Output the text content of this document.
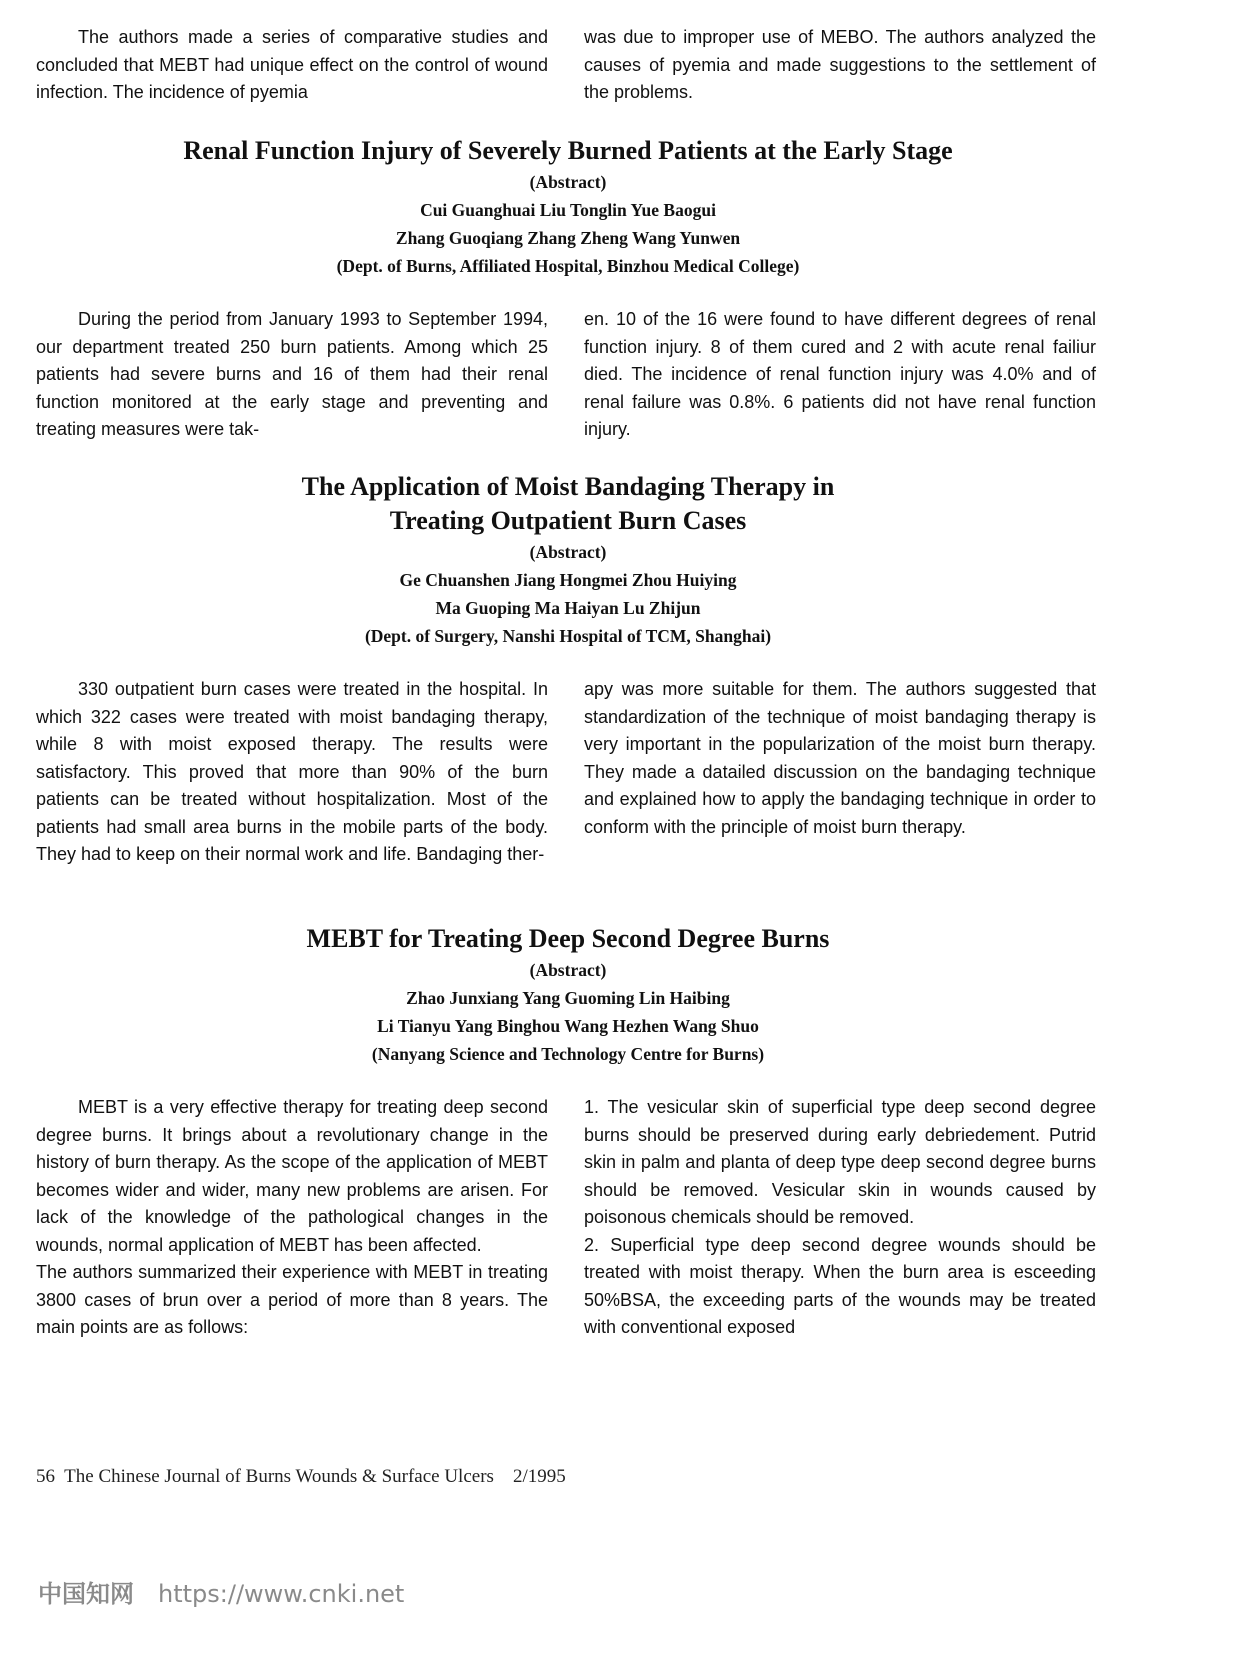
The authors made a series of comparative studies and concluded that MEBT had unique effect on the control of wound infection. The incidence of pyemia

was due to improper use of MEBO. The authors analyzed the causes of pyemia and made suggestions to the settlement of the problems.

Renal Function Injury of Severely Burned Patients at the Early Stage
(Abstract)
Cui Guanghuai Liu Tonglin Yue Baogui
Zhang Guoqiang Zhang Zheng Wang Yunwen
(Dept. of Burns, Affiliated Hospital, Binzhou Medical College)

During the period from January 1993 to September 1994, our department treated 250 burn patients. Among which 25 patients had severe burns and 16 of them had their renal function monitored at the early stage and preventing and treating measures were tak-

en. 10 of the 16 were found to have different degrees of renal function injury. 8 of them cured and 2 with acute renal failiur died. The incidence of renal function injury was 4.0% and of renal failure was 0.8%. 6 patients did not have renal function injury.

The Application of Moist Bandaging Therapy in
Treating Outpatient Burn Cases
(Abstract)
Ge Chuanshen Jiang Hongmei Zhou Huiying
Ma Guoping Ma Haiyan Lu Zhijun
(Dept. of Surgery, Nanshi Hospital of TCM, Shanghai)

330 outpatient burn cases were treated in the hospital. In which 322 cases were treated with moist bandaging therapy, while 8 with moist exposed therapy. The results were satisfactory. This proved that more than 90% of the burn patients can be treated without hospitalization. Most of the patients had small area burns in the mobile parts of the body. They had to keep on their normal work and life. Bandaging ther-

apy was more suitable for them. The authors suggested that standardization of the technique of moist bandaging therapy is very important in the popularization of the moist burn therapy. They made a datailed discussion on the bandaging technique and explained how to apply the bandaging technique in order to conform with the principle of moist burn therapy.

MEBT for Treating Deep Second Degree Burns
(Abstract)
Zhao Junxiang Yang Guoming Lin Haibing
Li Tianyu Yang Binghou Wang Hezhen Wang Shuo
(Nanyang Science and Technology Centre for Burns)

MEBT is a very effective therapy for treating deep second degree burns. It brings about a revolutionary change in the history of burn therapy. As the scope of the application of MEBT becomes wider and wider, many new problems are arisen. For lack of the knowledge of the pathological changes in the wounds, normal application of MEBT has been affected.

The authors summarized their experience with MEBT in treating 3800 cases of brun over a period of more than 8 years. The main points are as follows:

1. The vesicular skin of superficial type deep second degree burns should be preserved during early debriedement. Putrid skin in palm and planta of deep type deep second degree burns should be removed. Vesicular skin in wounds caused by poisonous chemicals should be removed.

2. Superficial type deep second degree wounds should be treated with moist therapy. When the burn area is esceeding 50%BSA, the exceeding parts of the wounds may be treated with conventional exposed

56 The Chinese Journal of Burns Wounds & Surface Ulcers 2/1995
中国知网 https://www.cnki.net
